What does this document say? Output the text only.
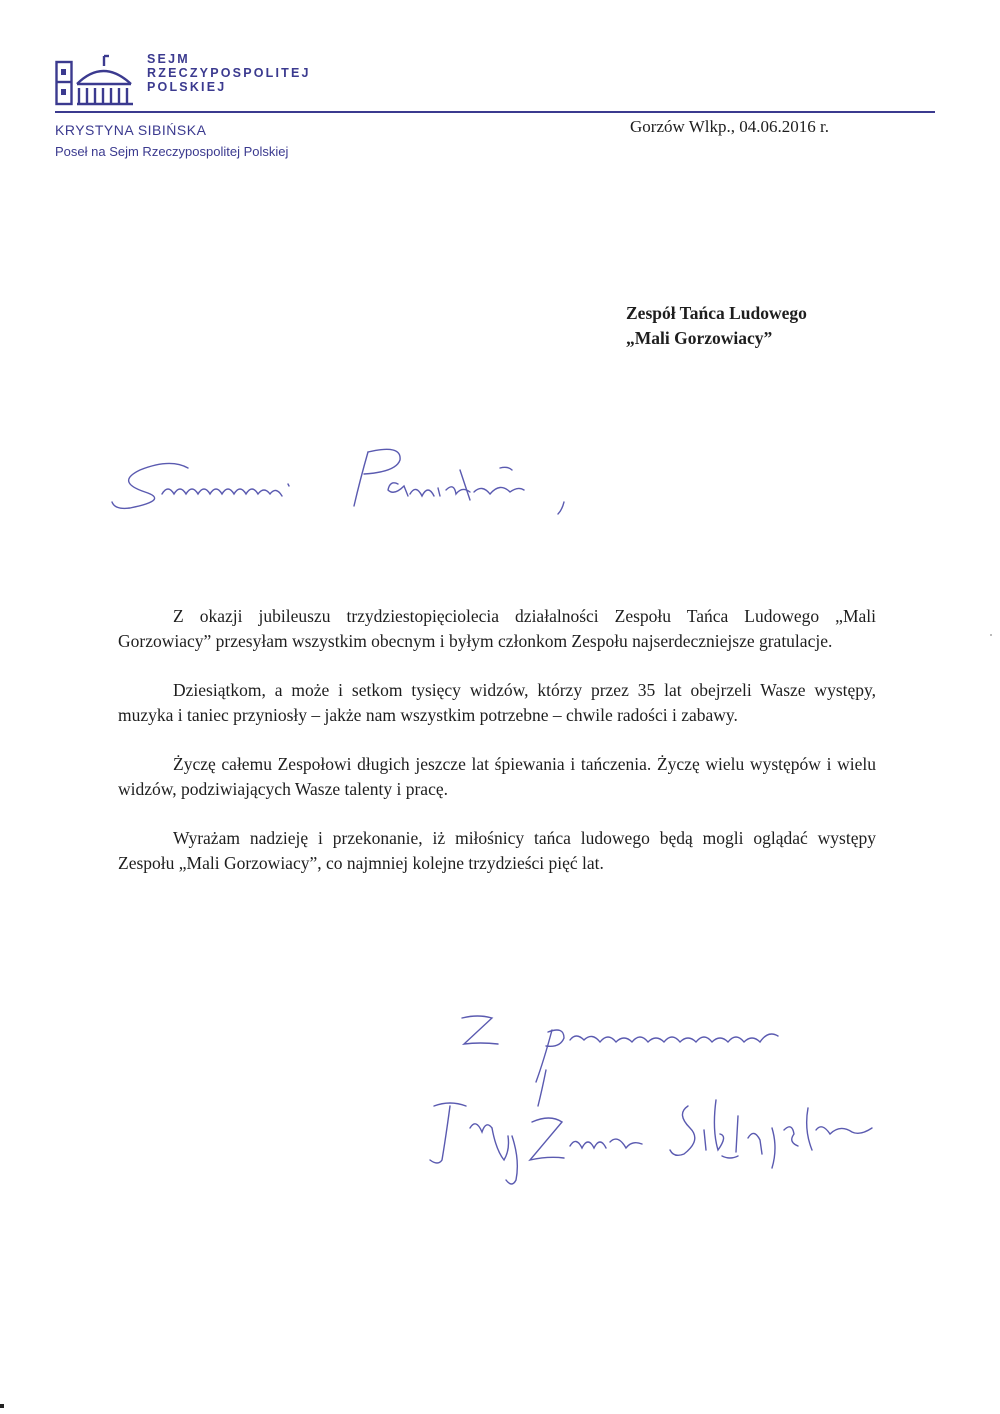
SEJM
RZECZYPOSPOLITEJ
POLSKIEJ
KRYSTYNA SIBIŃSKA
Poseł na Sejm Rzeczypospolitej Polskiej
Gorzów Wlkp., 04.06.2016 r.
Zespół Tańca Ludowego
„Mali Gorzowiacy”

Z okazji jubileuszu trzydziestopięciolecia działalności Zespołu Tańca Ludowego „Mali Gorzowiacy” przesyłam wszystkim obecnym i byłym członkom Zespołu najserdeczniejsze gratulacje.

Dziesiątkom, a może i setkom tysięcy widzów, którzy przez 35 lat obejrzeli Wasze występy, muzyka i taniec przyniosły – jakże nam wszystkim potrzebne – chwile radości i zabawy.

Życzę całemu Zespołowi długich jeszcze lat śpiewania i tańczenia. Życzę wielu występów i wielu widzów, podziwiających Wasze talenty i pracę.

Wyrażam nadzieję i przekonanie, iż miłośnicy tańca ludowego będą mogli oglądać występy Zespołu „Mali Gorzowiacy”, co najmniej kolejne trzydzieści pięć lat.
